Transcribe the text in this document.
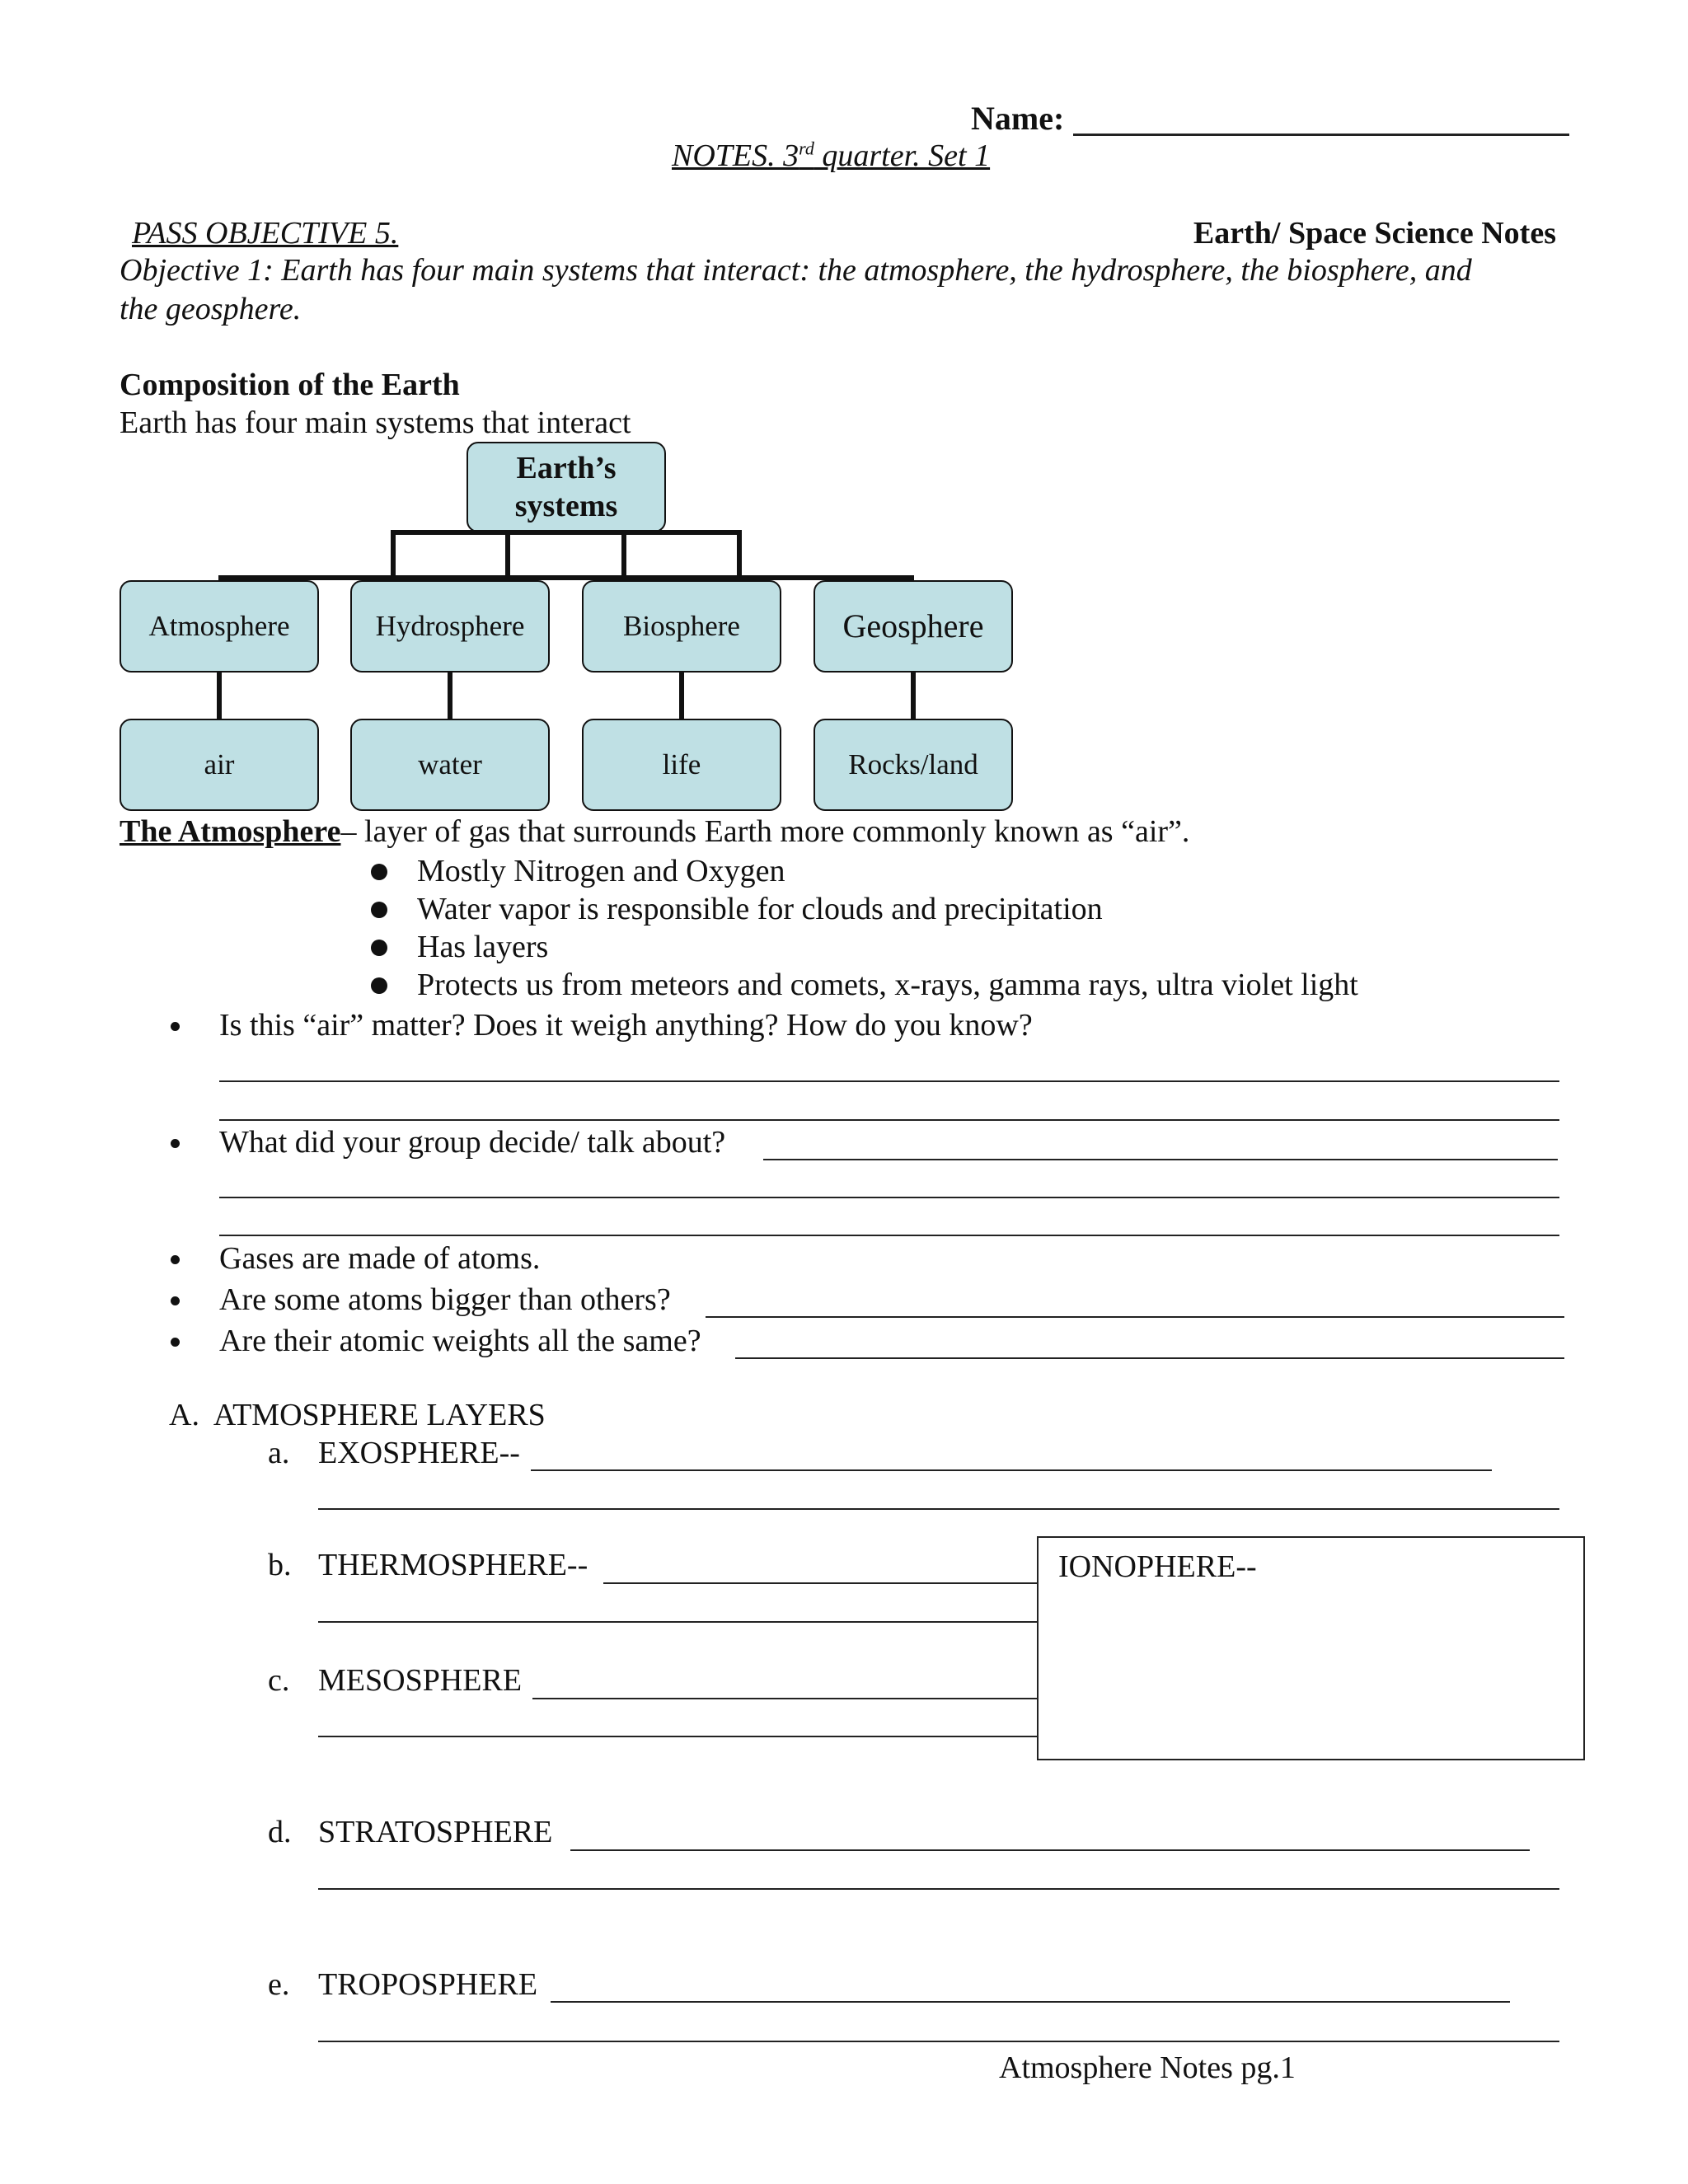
Name:
NOTES. 3rd quarter. Set 1
PASS OBJECTIVE 5.	Earth/ Space Science Notes
Objective 1: Earth has four main systems that interact: the atmosphere, the hydrosphere, the biosphere, and
the geosphere.
Composition of the Earth
Earth has four main systems that interact
Earth’s systems
Atmosphere	Hydrosphere	Biosphere	Geosphere
air	water	life	Rocks/land
The Atmosphere– layer of gas that surrounds Earth more commonly known as “air”.
Mostly Nitrogen and Oxygen
Water vapor is responsible for clouds and precipitation
Has layers
Protects us from meteors and comets, x-rays, gamma rays, ultra violet light
Is this “air” matter? Does it weigh anything? How do you know?
What did your group decide/ talk about?
Gases are made of atoms.
Are some atoms bigger than others?
Are their atomic weights all the same?
A.  ATMOSPHERE LAYERS
a. EXOSPHERE--
b. THERMOSPHERE--
c. MESOSPHERE
IONOPHERE--
d. STRATOSPHERE
e. TROPOSPHERE
Atmosphere Notes pg.1
